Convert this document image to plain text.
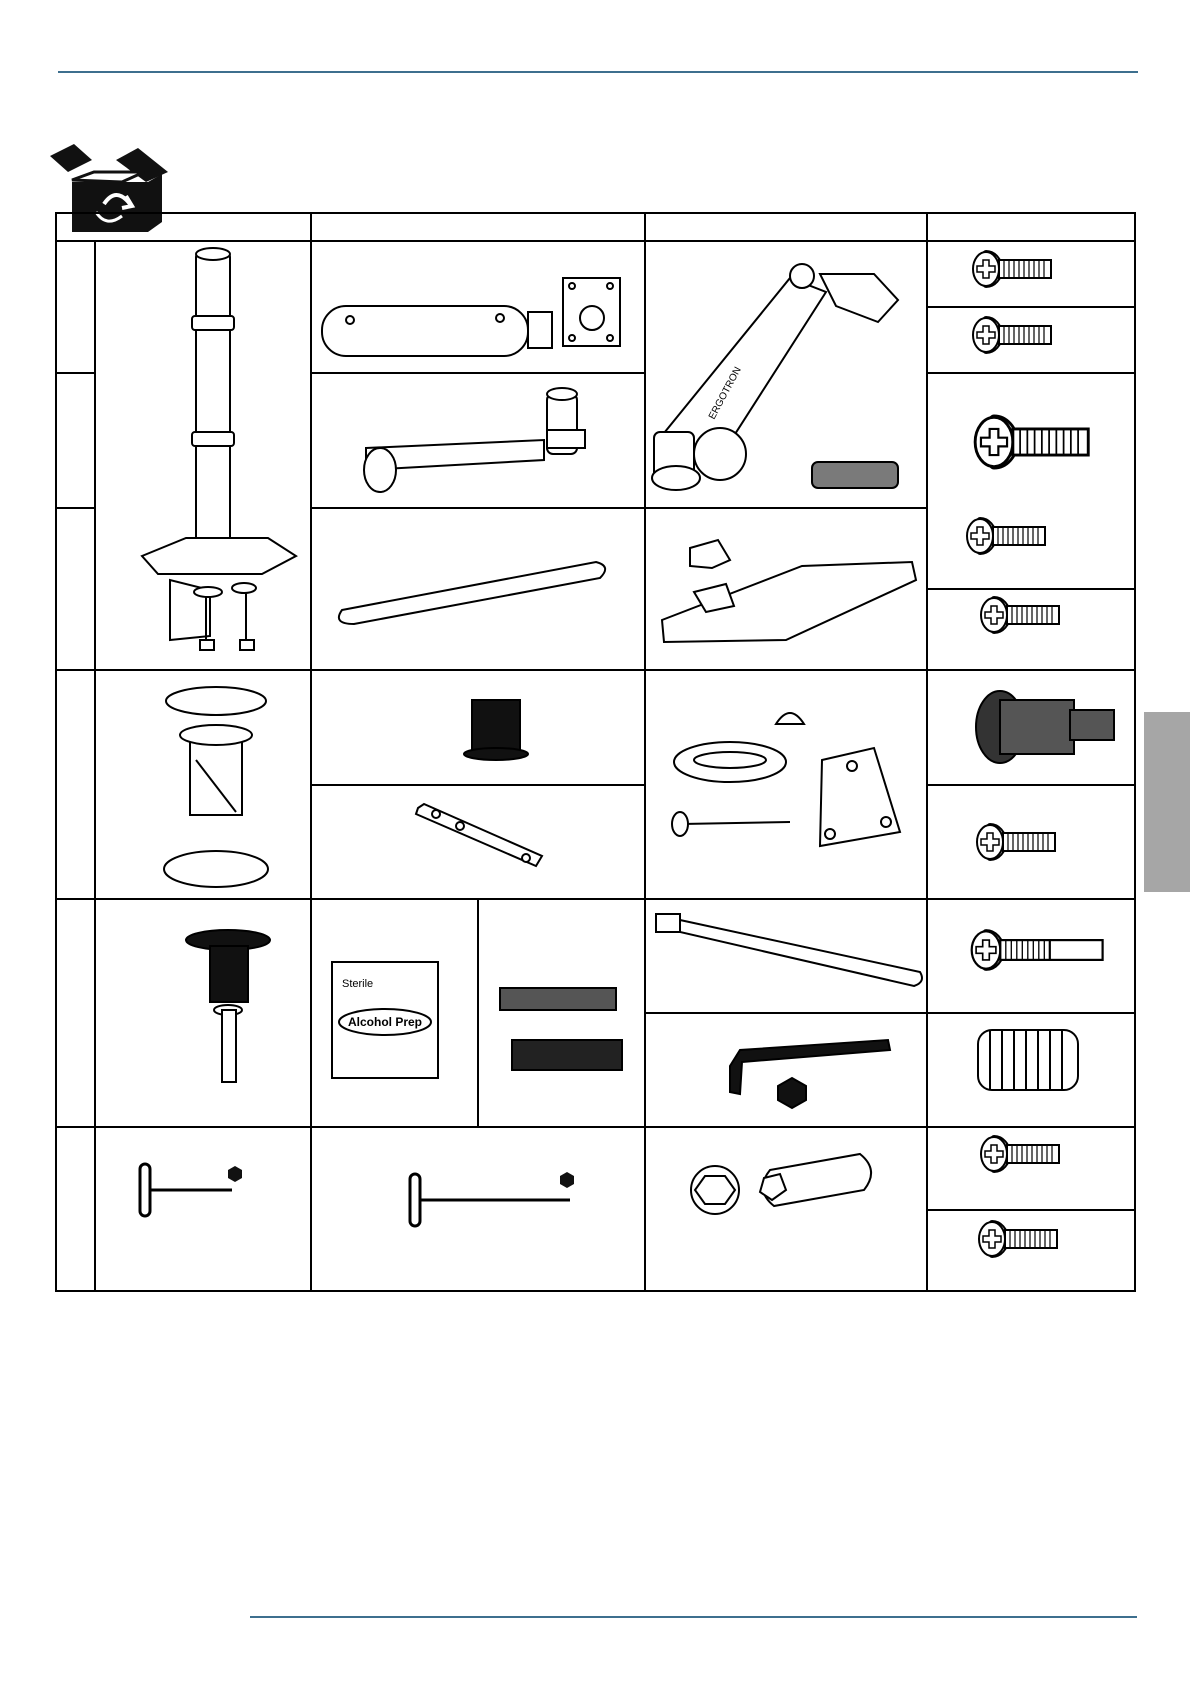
ERGOTRON
Sterile
Alcohol Prep
